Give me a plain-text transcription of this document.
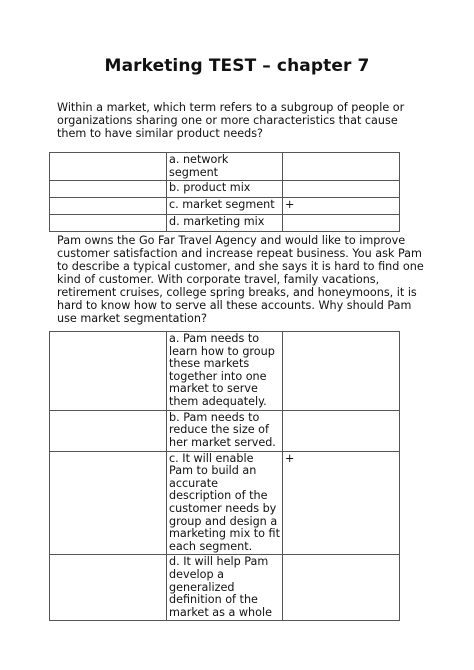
Marketing TEST – chapter 7
Within a market, which term refers to a subgroup of people or organizations sharing one or more characteristics that cause them to have similar product needs?
	a. network segment	
	b. product mix	
	c. market segment	+
	d. marketing mix	
Pam owns the Go Far Travel Agency and would like to improve customer satisfaction and increase repeat business. You ask Pam to describe a typical customer, and she says it is hard to find one kind of customer. With corporate travel, family vacations, retirement cruises, college spring breaks, and honeymoons, it is hard to know how to serve all these accounts. Why should Pam use market segmentation?
	a. Pam needs to learn how to group these markets together into one market to serve them adequately.	
	b. Pam needs to reduce the size of her market served.	
	c. It will enable Pam to build an accurate description of the customer needs by group and design a marketing mix to fit each segment.	+
	d. It will help Pam develop a generalized definition of the market as a whole	
